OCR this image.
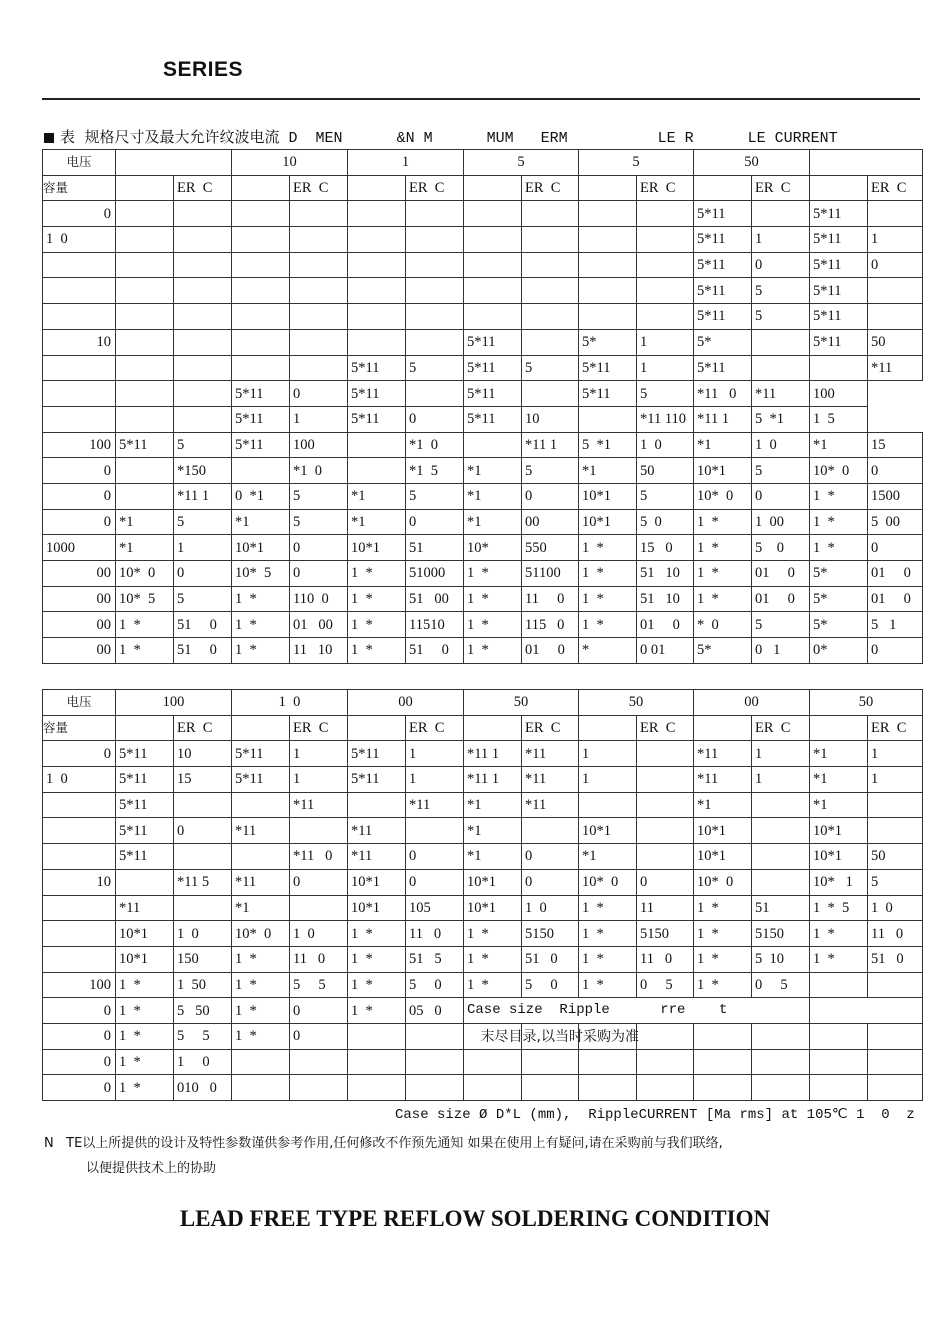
SERIES
表  规格尺寸及最大允许纹波电流 D  MEN      &N M      MUM   ERM          LE R      LE CURRENT
电压			10		1		5		5		50			
容量		ER  C		ER  C		ER  C		ER  C		ER  C		ER  C		ER  C
0											5*11		5*11	
1  0											5*11	1	5*11	1
											5*11	0	5*11	0
											5*11	5	5*11	
											5*11	5	5*11	
10							5*11		5*	1	5*		5*11	50
					5*11	5	5*11	5	5*11	1	5*11			*11
			5*11	0	5*11		5*11		5*11	5	*11   0	*11	100	
			5*11	1	5*11	0	5*11	10		*11 110	*11 1	5  *1	1  5	
100	5*11	5	5*11	100		*1  0		*11 1	5  *1	1  0	*1	1  0	*1	15
0		*150		*1  0		*1  5	*1	5	*1	50	10*1	5	10*  0	0
0		*11 1	0  *1	5	*1	5	*1	0	10*1	5	10*  0	0	1  *	1500
0	*1	5	*1	5	*1	0	*1	00	10*1	5  0	1  *	1  00	1  *	5  00
1000	*1	1	10*1	0	10*1	51	10*	550	1  *	15   0	1  *	5    0	1  *	0
00	10*  0	0	10*  5	0	1  *	51000	1  *	51100	1  *	51   10	1  *	01     0	5*	01     0
00	10*  5	5	1  *	110  0	1  *	51   00	1  *	11     0	1  *	51   10	1  *	01     0	5*	01     0
00	1  *	51     0	1  *	01   00	1  *	11510	1  *	115   0	1  *	01     0	*  0	5	5*	5   1
00	1  *	51     0	1  *	11   10	1  *	51     0	1  *	01     0	*	0 01	5*	0   1	0*	0
电压	100		1  0		00		50		50		00		50	
容量		ER  C		ER  C		ER  C		ER  C		ER  C		ER  C		ER  C
0	5*11	10	5*11	1	5*11	1	*11 1	*11	1		*11	1	*1	1
1  0	5*11	15	5*11	1	5*11	1	*11 1	*11	1		*11	1	*1	1
	5*11			*11		*11	*1	*11			*1		*1	
	5*11	0	*11		*11		*1		10*1		10*1		10*1	
	5*11			*11   0	*11	0	*1	0	*1		10*1		10*1	50
10		*11 5	*11	0	10*1	0	10*1	0	10*  0	0	10*  0		10*   1	5
	*11		*1		10*1	105	10*1	1  0	1  *	11	1  *	51	1  *  5	1  0
	10*1	1  0	10*  0	1  0	1  *	11   0	1  *	5150	1  *	5150	1  *	5150	1  *	11   0
	10*1	150	1  *	11   0	1  *	51   5	1  *	51   0	1  *	11   0	1  *	5  10	1  *	51   0
100	1  *	1  50	1  *	5     5	1  *	5     0	1  *	5     0	1  *	0     5	1  *	0     5		
0	1  *	5   50	1  *	0	1  *	05   0	Case size  Ripple      rre    t							

0	1  *	5     5	1  *	0			末尽目录,以当时采购为准							

0	1  *	1     0												
0	1  *	010   0												
Case size Ø D*L (mm),  RippleCURRENT [Ma rms] at 105℃ 1  0  z
N   TE以上所提供的设计及特性参数谨供参考作用,任何修改不作预先通知 如果在使用上有疑问,请在采购前与我们联络,
以便提供技术上的协助
LEAD FREE TYPE REFLOW SOLDERING CONDITION
